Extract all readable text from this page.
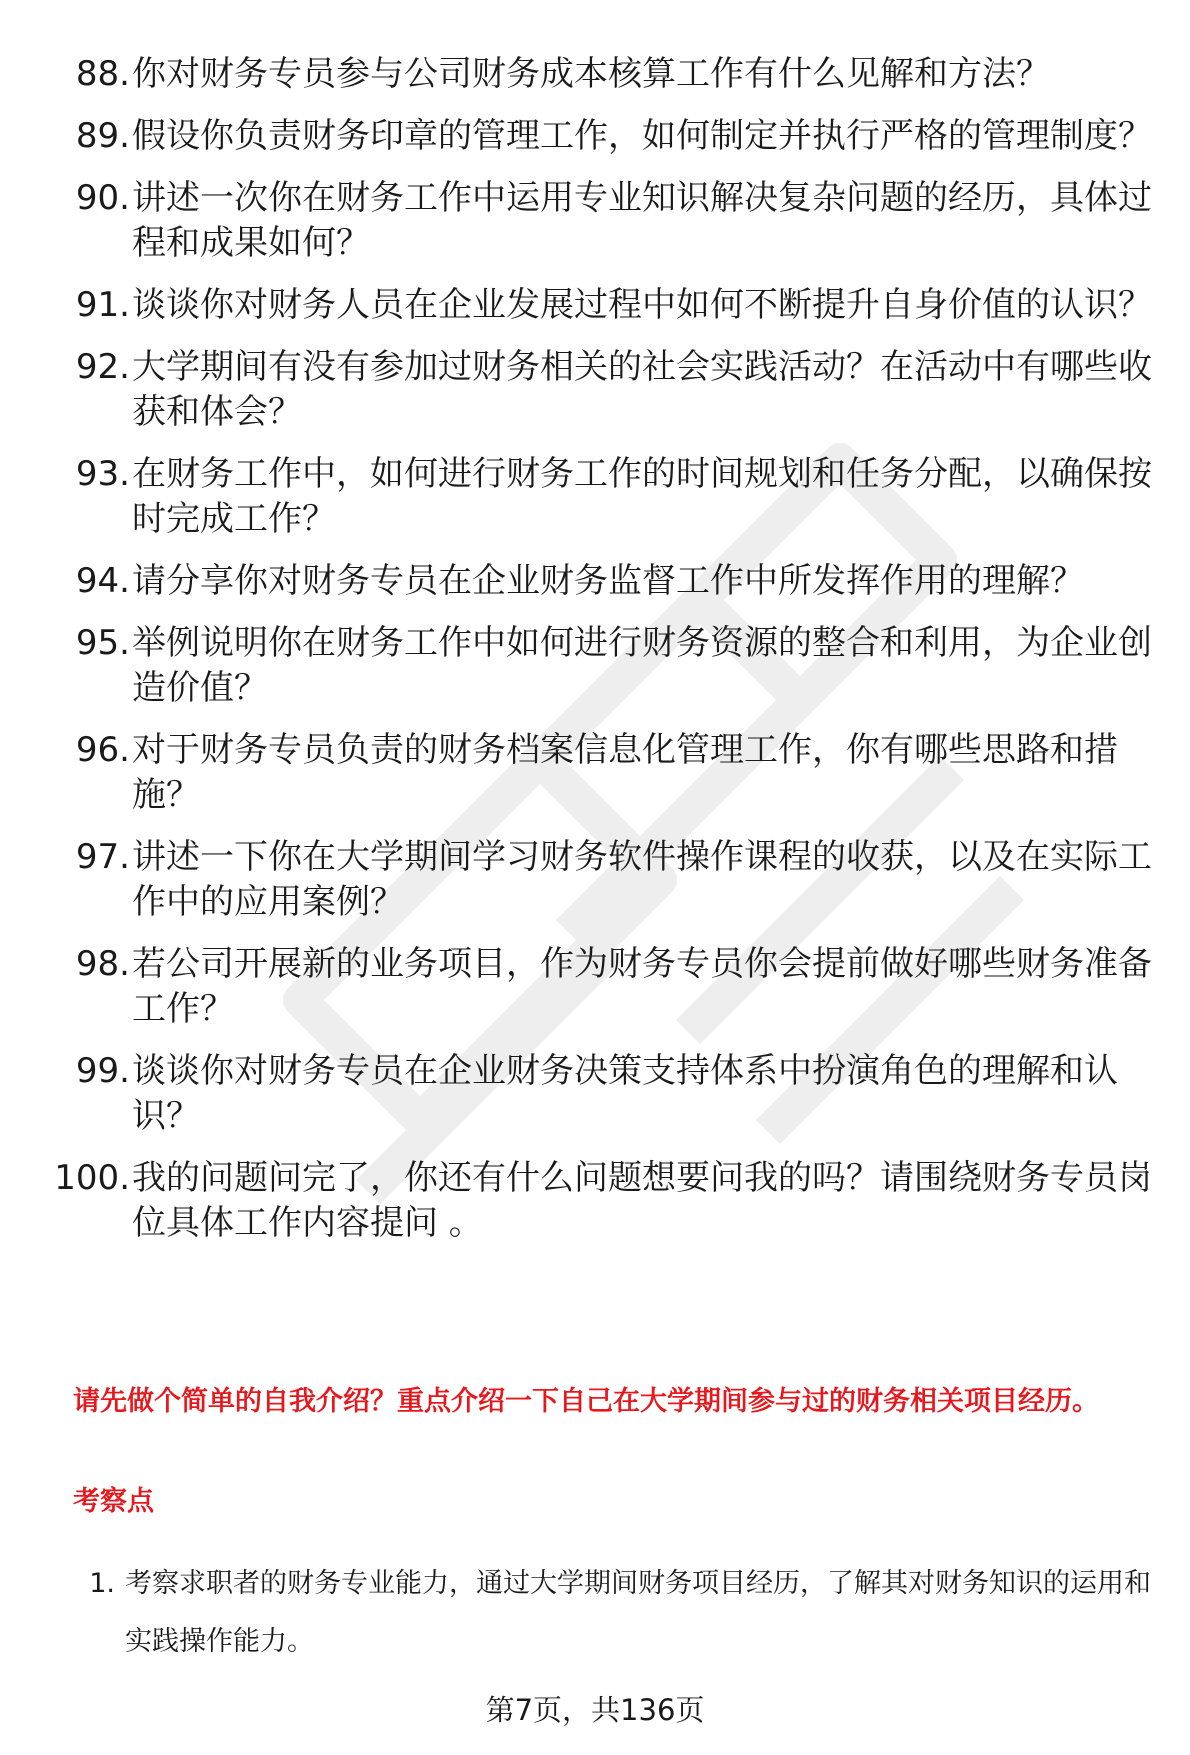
88. 你对财务专员参与公司财务成本核算工作有什么见解和方法？
89. 假设你负责财务印章的管理工作，如何制定并执行严格的管理制度？
90. 讲述一次你在财务工作中运用专业知识解决复杂问题的经历，具体过程和成果如何？
91. 谈谈你对财务人员在企业发展过程中如何不断提升自身价值的认识？
92. 大学期间有没有参加过财务相关的社会实践活动？在活动中有哪些收获和体会？
93. 在财务工作中，如何进行财务工作的时间规划和任务分配，以确保按时完成工作？
94. 请分享你对财务专员在企业财务监督工作中所发挥作用的理解？
95. 举例说明你在财务工作中如何进行财务资源的整合和利用，为企业创造价值？
96. 对于财务专员负责的财务档案信息化管理工作，你有哪些思路和措施？
97. 讲述一下你在大学期间学习财务软件操作课程的收获，以及在实际工作中的应用案例？
98. 若公司开展新的业务项目，作为财务专员你会提前做好哪些财务准备工作？
99. 谈谈你对财务专员在企业财务决策支持体系中扮演角色的理解和认识？
100. 我的问题问完了，你还有什么问题想要问我的吗？请围绕财务专员岗位具体工作内容提问 。
请先做个简单的自我介绍？重点介绍一下自己在大学期间参与过的财务相关项目经历。
考察点
1. 考察求职者的财务专业能力，通过大学期间财务项目经历，了解其对财务知识的运用和实践操作能力。
第7页，共136页
